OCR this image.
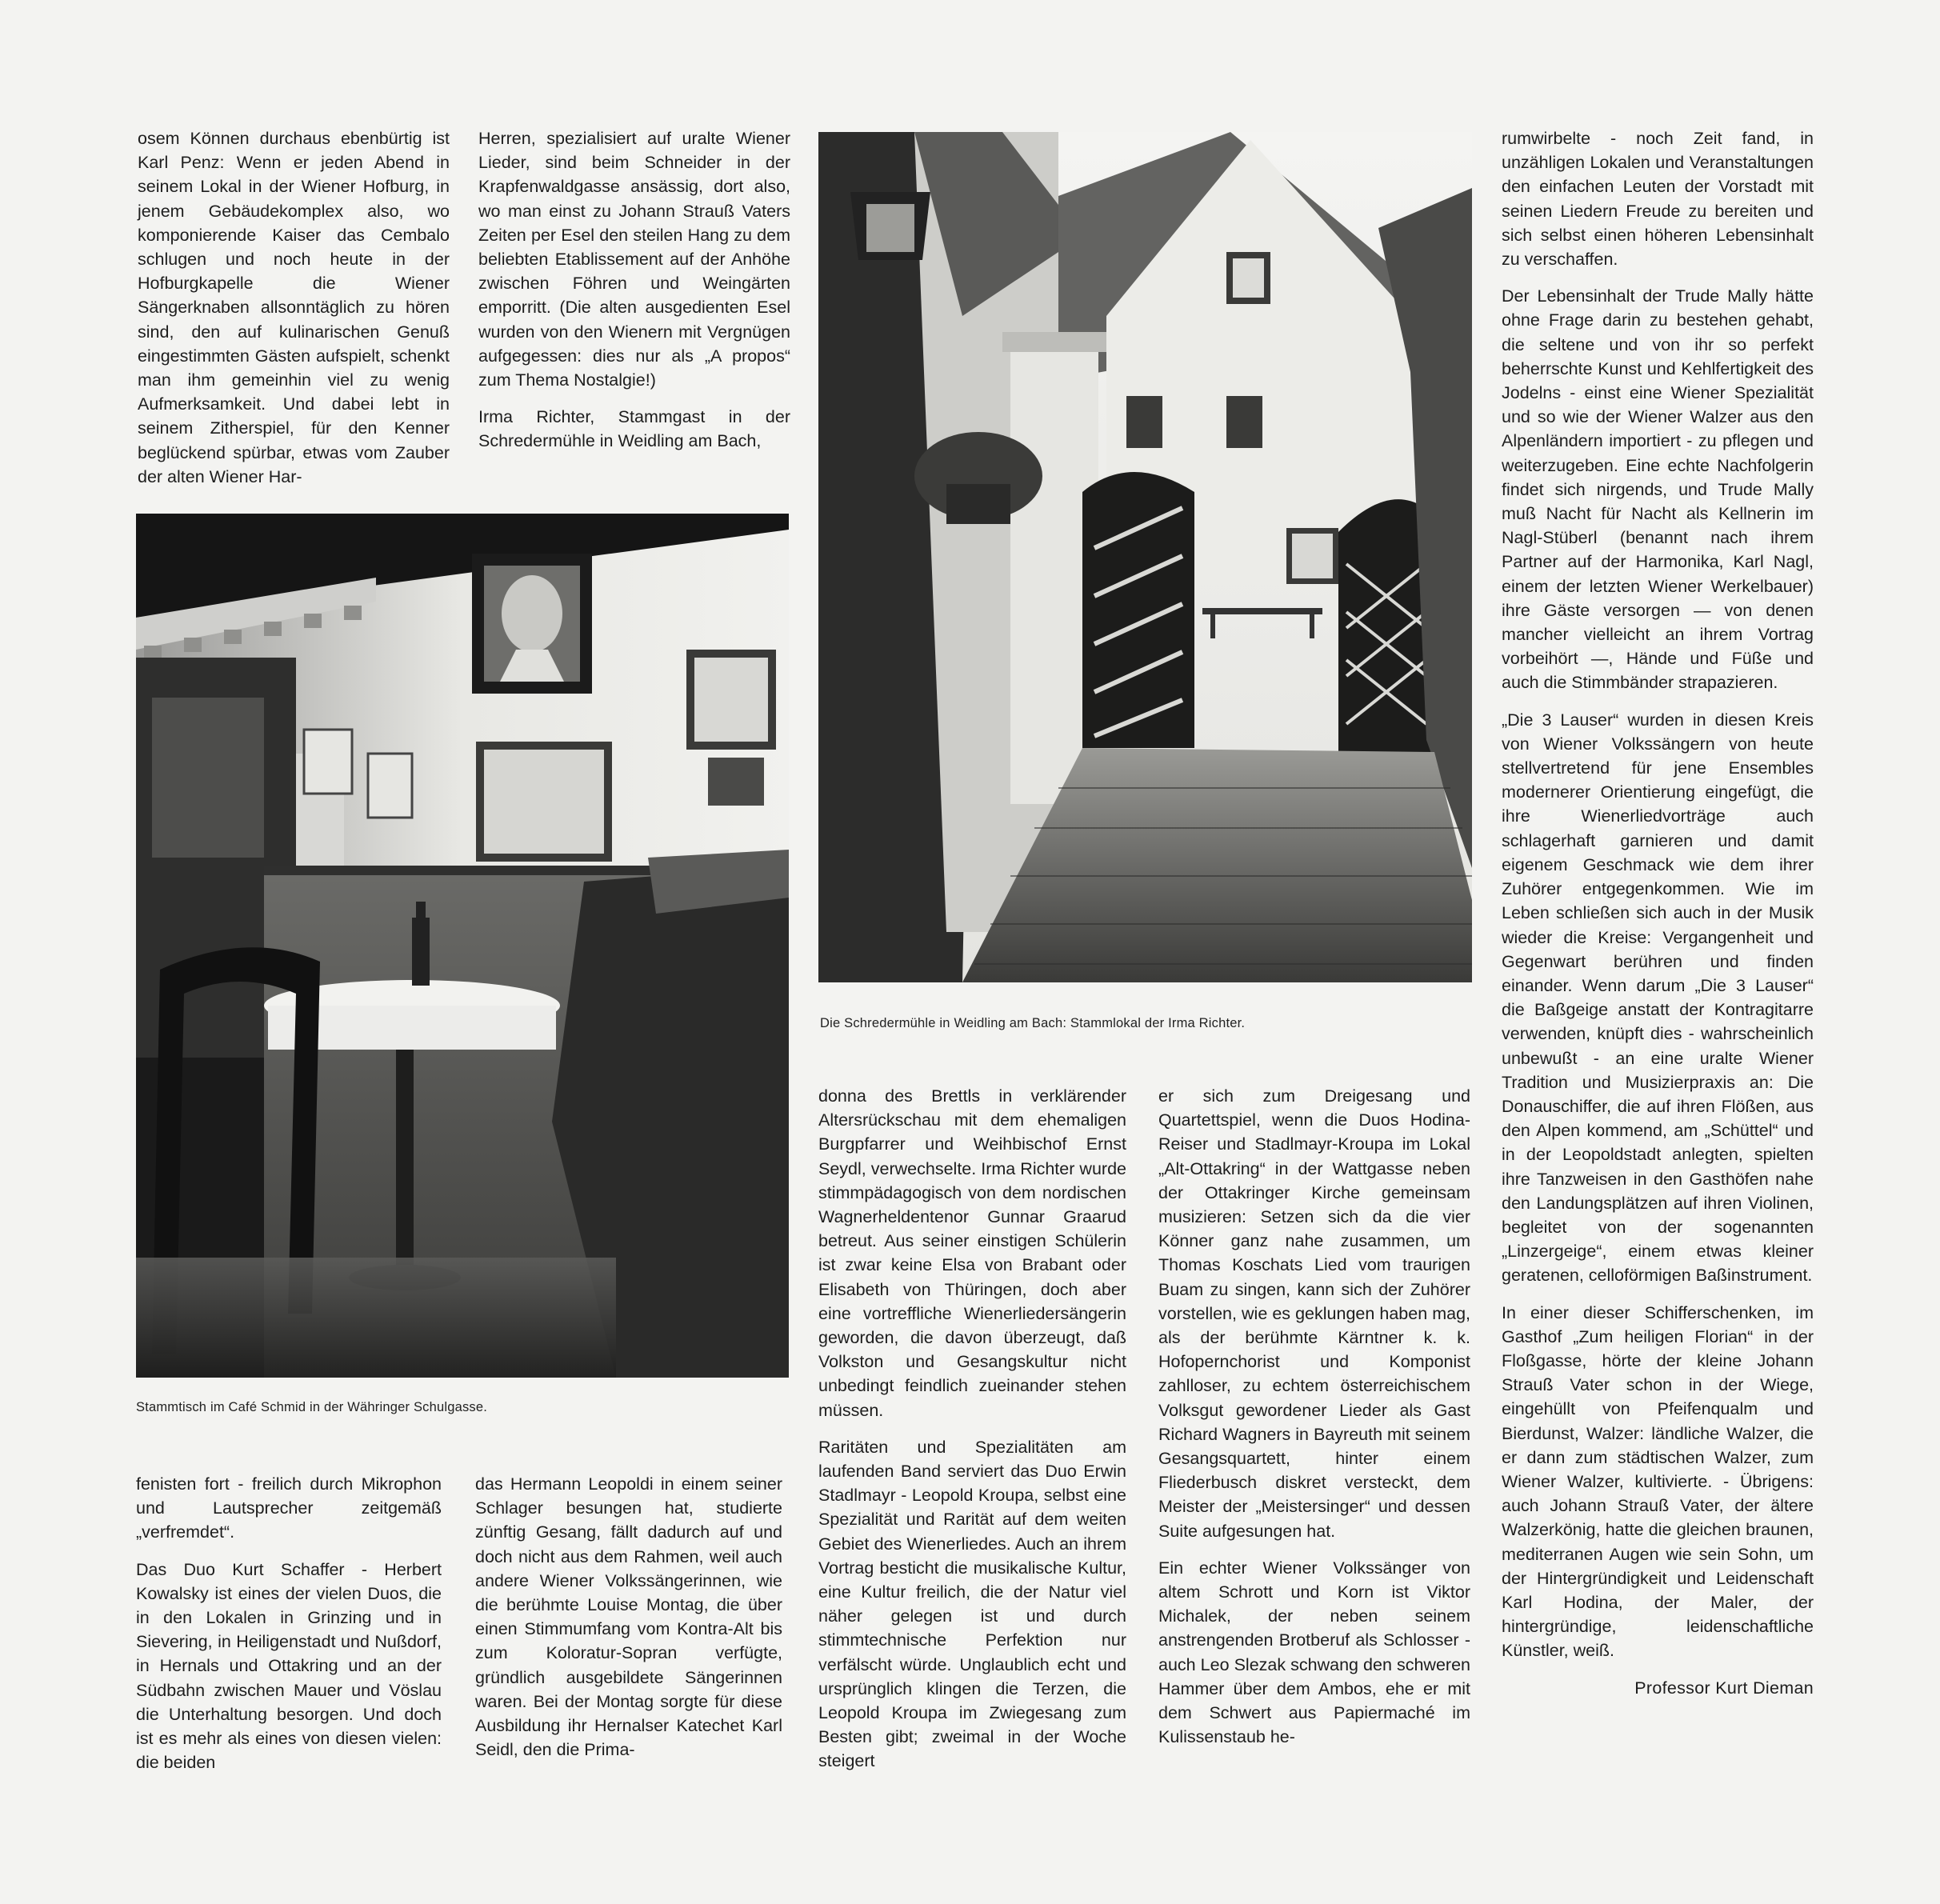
osem Können durchaus ebenbürtig ist Karl Penz: Wenn er jeden Abend in seinem Lokal in der Wiener Hofburg, in jenem Gebäudekomplex also, wo komponierende Kaiser das Cembalo schlugen und noch heute in der Hofburgkapelle die Wiener Sängerknaben allsonntäglich zu hören sind, den auf kulinarischen Genuß eingestimmten Gästen aufspielt, schenkt man ihm gemeinhin viel zu wenig Aufmerksamkeit. Und dabei lebt in seinem Zitherspiel, für den Kenner beglückend spürbar, etwas vom Zauber der alten Wiener Har-

Herren, spezialisiert auf uralte Wiener Lieder, sind beim Schneider in der Krapfenwaldgasse ansässig, dort also, wo man einst zu Johann Strauß Vaters Zeiten per Esel den steilen Hang zu dem beliebten Etablissement auf der Anhöhe zwischen Föhren und Weingärten emporritt. (Die alten ausgedienten Esel wurden von den Wienern mit Vergnügen aufgegessen: dies nur als „A propos“ zum Thema Nostalgie!)

Irma Richter, Stammgast in der Schredermühle in Weidling am Bach,

Stammtisch im Café Schmid in der Währinger Schulgasse.
Die Schredermühle in Weidling am Bach: Stammlokal der Irma Richter.

rumwirbelte - noch Zeit fand, in unzähligen Lokalen und Veranstaltungen den einfachen Leuten der Vorstadt mit seinen Liedern Freude zu bereiten und sich selbst einen höheren Lebensinhalt zu verschaffen.

Der Lebensinhalt der Trude Mally hätte ohne Frage darin zu bestehen gehabt, die seltene und von ihr so perfekt beherrschte Kunst und Kehlfertigkeit des Jodelns - einst eine Wiener Spezialität und so wie der Wiener Walzer aus den Alpenländern importiert - zu pflegen und weiterzugeben. Eine echte Nachfolgerin findet sich nirgends, und Trude Mally muß Nacht für Nacht als Kellnerin im Nagl-Stüberl (benannt nach ihrem Partner auf der Harmonika, Karl Nagl, einem der letzten Wiener Werkelbauer) ihre Gäste versorgen — von denen mancher vielleicht an ihrem Vortrag vorbeihört —, Hände und Füße und auch die Stimmbänder strapazieren.

„Die 3 Lauser“ wurden in diesen Kreis von Wiener Volkssängern von heute stellvertretend für jene Ensembles modernerer Orientierung eingefügt, die ihre Wienerliedvorträge auch schlagerhaft garnieren und damit eigenem Geschmack wie dem ihrer Zuhörer entgegenkommen. Wie im Leben schließen sich auch in der Musik wieder die Kreise: Vergangenheit und Gegenwart berühren und finden einander. Wenn darum „Die 3 Lauser“ die Baßgeige anstatt der Kontragitarre verwenden, knüpft dies - wahrscheinlich unbewußt - an eine uralte Wiener Tradition und Musizierpraxis an: Die Donauschiffer, die auf ihren Flößen, aus den Alpen kommend, am „Schüttel“ und in der Leopoldstadt anlegten, spielten ihre Tanzweisen in den Gasthöfen nahe den Landungsplätzen auf ihren Violinen, begleitet von der sogenannten „Linzergeige“, einem etwas kleiner geratenen, celloförmigen Baßinstrument.

In einer dieser Schifferschenken, im Gasthof „Zum heiligen Florian“ in der Floßgasse, hörte der kleine Johann Strauß Vater schon in der Wiege, eingehüllt von Pfeifenqualm und Bierdunst, Walzer: ländliche Walzer, die er dann zum städtischen Walzer, zum Wiener Walzer, kultivierte. - Übrigens: auch Johann Strauß Vater, der ältere Walzerkönig, hatte die gleichen braunen, mediterranen Augen wie sein Sohn, um der Hintergründigkeit und Leidenschaft Karl Hodina, der Maler, der hintergründige, leidenschaftliche Künstler, weiß.

Professor Kurt Dieman

donna des Brettls in verklärender Altersrückschau mit dem ehemaligen Burgpfarrer und Weihbischof Ernst Seydl, verwechselte. Irma Richter wurde stimmpädagogisch von dem nordischen Wagnerheldentenor Gunnar Graarud betreut. Aus seiner einstigen Schülerin ist zwar keine Elsa von Brabant oder Elisabeth von Thüringen, doch aber eine vortreffliche Wienerliedersängerin geworden, die davon überzeugt, daß Volkston und Gesangskultur nicht unbedingt feindlich zueinander stehen müssen.

Raritäten und Spezialitäten am laufenden Band serviert das Duo Erwin Stadlmayr - Leopold Kroupa, selbst eine Spezialität und Rarität auf dem weiten Gebiet des Wienerliedes. Auch an ihrem Vortrag besticht die musikalische Kultur, eine Kultur freilich, die der Natur viel näher gelegen ist und durch stimmtechnische Perfektion nur verfälscht würde. Unglaublich echt und ursprünglich klingen die Terzen, die Leopold Kroupa im Zwiegesang zum Besten gibt; zweimal in der Woche steigert

er sich zum Dreigesang und Quartettspiel, wenn die Duos Hodina-Reiser und Stadlmayr-Kroupa im Lokal „Alt-Ottakring“ in der Wattgasse neben der Ottakringer Kirche gemeinsam musizieren: Setzen sich da die vier Könner ganz nahe zusammen, um Thomas Koschats Lied vom traurigen Buam zu singen, kann sich der Zuhörer vorstellen, wie es geklungen haben mag, als der berühmte Kärntner k. k. Hofopernchorist und Komponist zahlloser, zu echtem österreichischem Volksgut gewordener Lieder als Gast Richard Wagners in Bayreuth mit seinem Gesangsquartett, hinter einem Fliederbusch diskret versteckt, dem Meister der „Meistersinger“ und dessen Suite aufgesungen hat.

Ein echter Wiener Volkssänger von altem Schrott und Korn ist Viktor Michalek, der neben seinem anstrengenden Brotberuf als Schlosser - auch Leo Slezak schwang den schweren Hammer über dem Ambos, ehe er mit dem Schwert aus Papiermaché im Kulissenstaub he-

fenisten fort - freilich durch Mikrophon und Lautsprecher zeitgemäß „verfremdet“.

Das Duo Kurt Schaffer - Herbert Kowalsky ist eines der vielen Duos, die in den Lokalen in Grinzing und in Sievering, in Heiligenstadt und Nußdorf, in Hernals und Ottakring und an der Südbahn zwischen Mauer und Vöslau die Unterhaltung besorgen. Und doch ist es mehr als eines von diesen vielen: die beiden

das Hermann Leopoldi in einem seiner Schlager besungen hat, studierte zünftig Gesang, fällt dadurch auf und doch nicht aus dem Rahmen, weil auch andere Wiener Volkssängerinnen, wie die berühmte Louise Montag, die über einen Stimmumfang vom Kontra-Alt bis zum Koloratur-Sopran verfügte, gründlich ausgebildete Sängerinnen waren. Bei der Montag sorgte für diese Ausbildung ihr Hernalser Katechet Karl Seidl, den die Prima-
